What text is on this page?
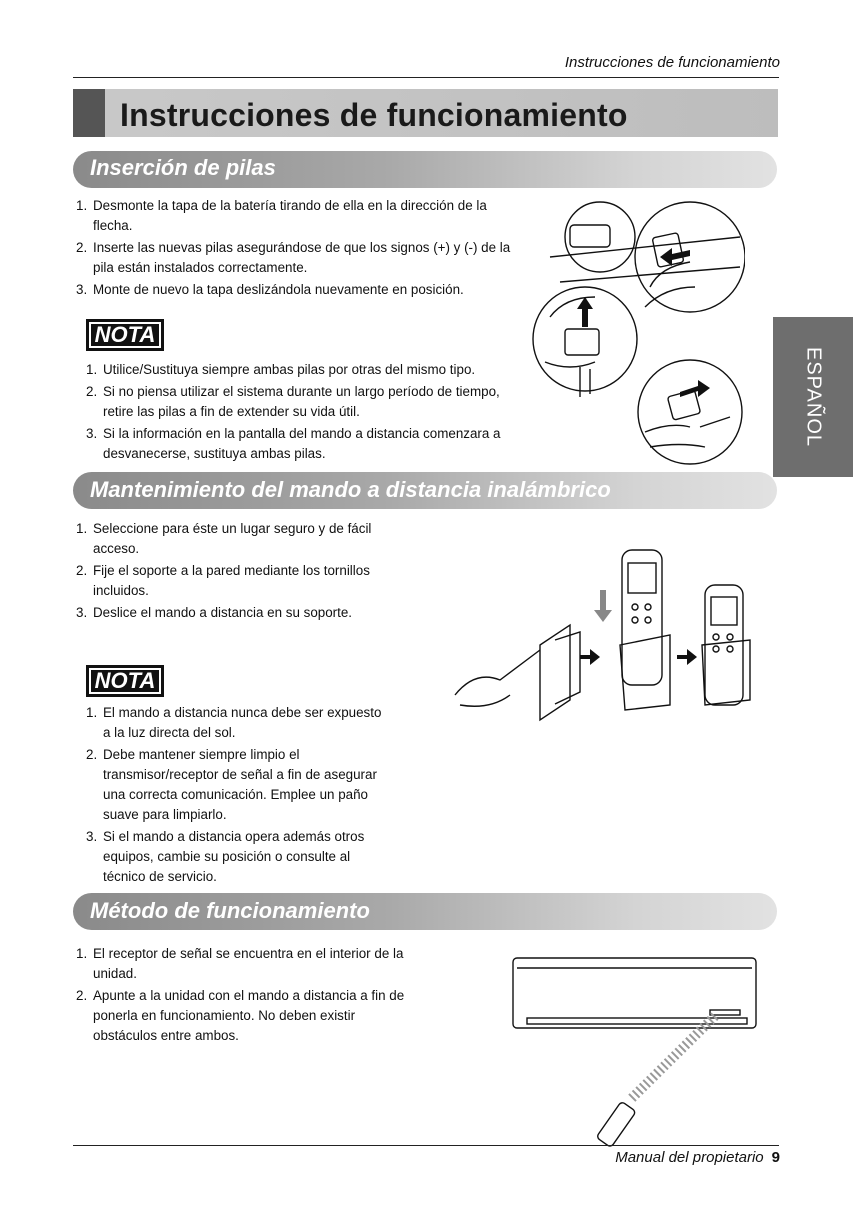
Instrucciones de funcionamiento
Instrucciones de funcionamiento
ESPAÑOL
Inserción de pilas
1. Desmonte la tapa de la batería tirando de ella en la dirección de la flecha.
2. Inserte las nuevas pilas asegurándose de que los signos (+) y (-) de la pila están instalados correctamente.
3. Monte de nuevo la tapa deslizándola nuevamente en posición.
NOTA
1. Utilice/Sustituya siempre ambas pilas por otras del mismo tipo.
2. Si no piensa utilizar el sistema durante un largo período de tiempo, retire las pilas a fin de extender su vida útil.
3. Si la información en la pantalla del mando a distancia comenzara a desvanecerse, sustituya ambas pilas.
Mantenimiento del mando a distancia inalámbrico
1. Seleccione para éste un lugar seguro y de fácil acceso.
2. Fije el soporte a la pared mediante los tornillos incluidos.
3. Deslice el mando a distancia en su soporte.
NOTA
1. El mando a distancia nunca debe ser expuesto a la luz directa del sol.
2. Debe mantener siempre limpio el transmisor/receptor de señal a fin de asegurar una correcta comunicación. Emplee un paño suave para limpiarlo.
3. Si el mando a distancia opera además otros equipos, cambie su posición o consulte al técnico de servicio.
Método de funcionamiento
1. El receptor de señal se encuentra en el interior de la unidad.
2. Apunte a la unidad con el mando a distancia a fin de ponerla en funcionamiento. No deben existir obstáculos entre ambos.
Manual del propietario 9
